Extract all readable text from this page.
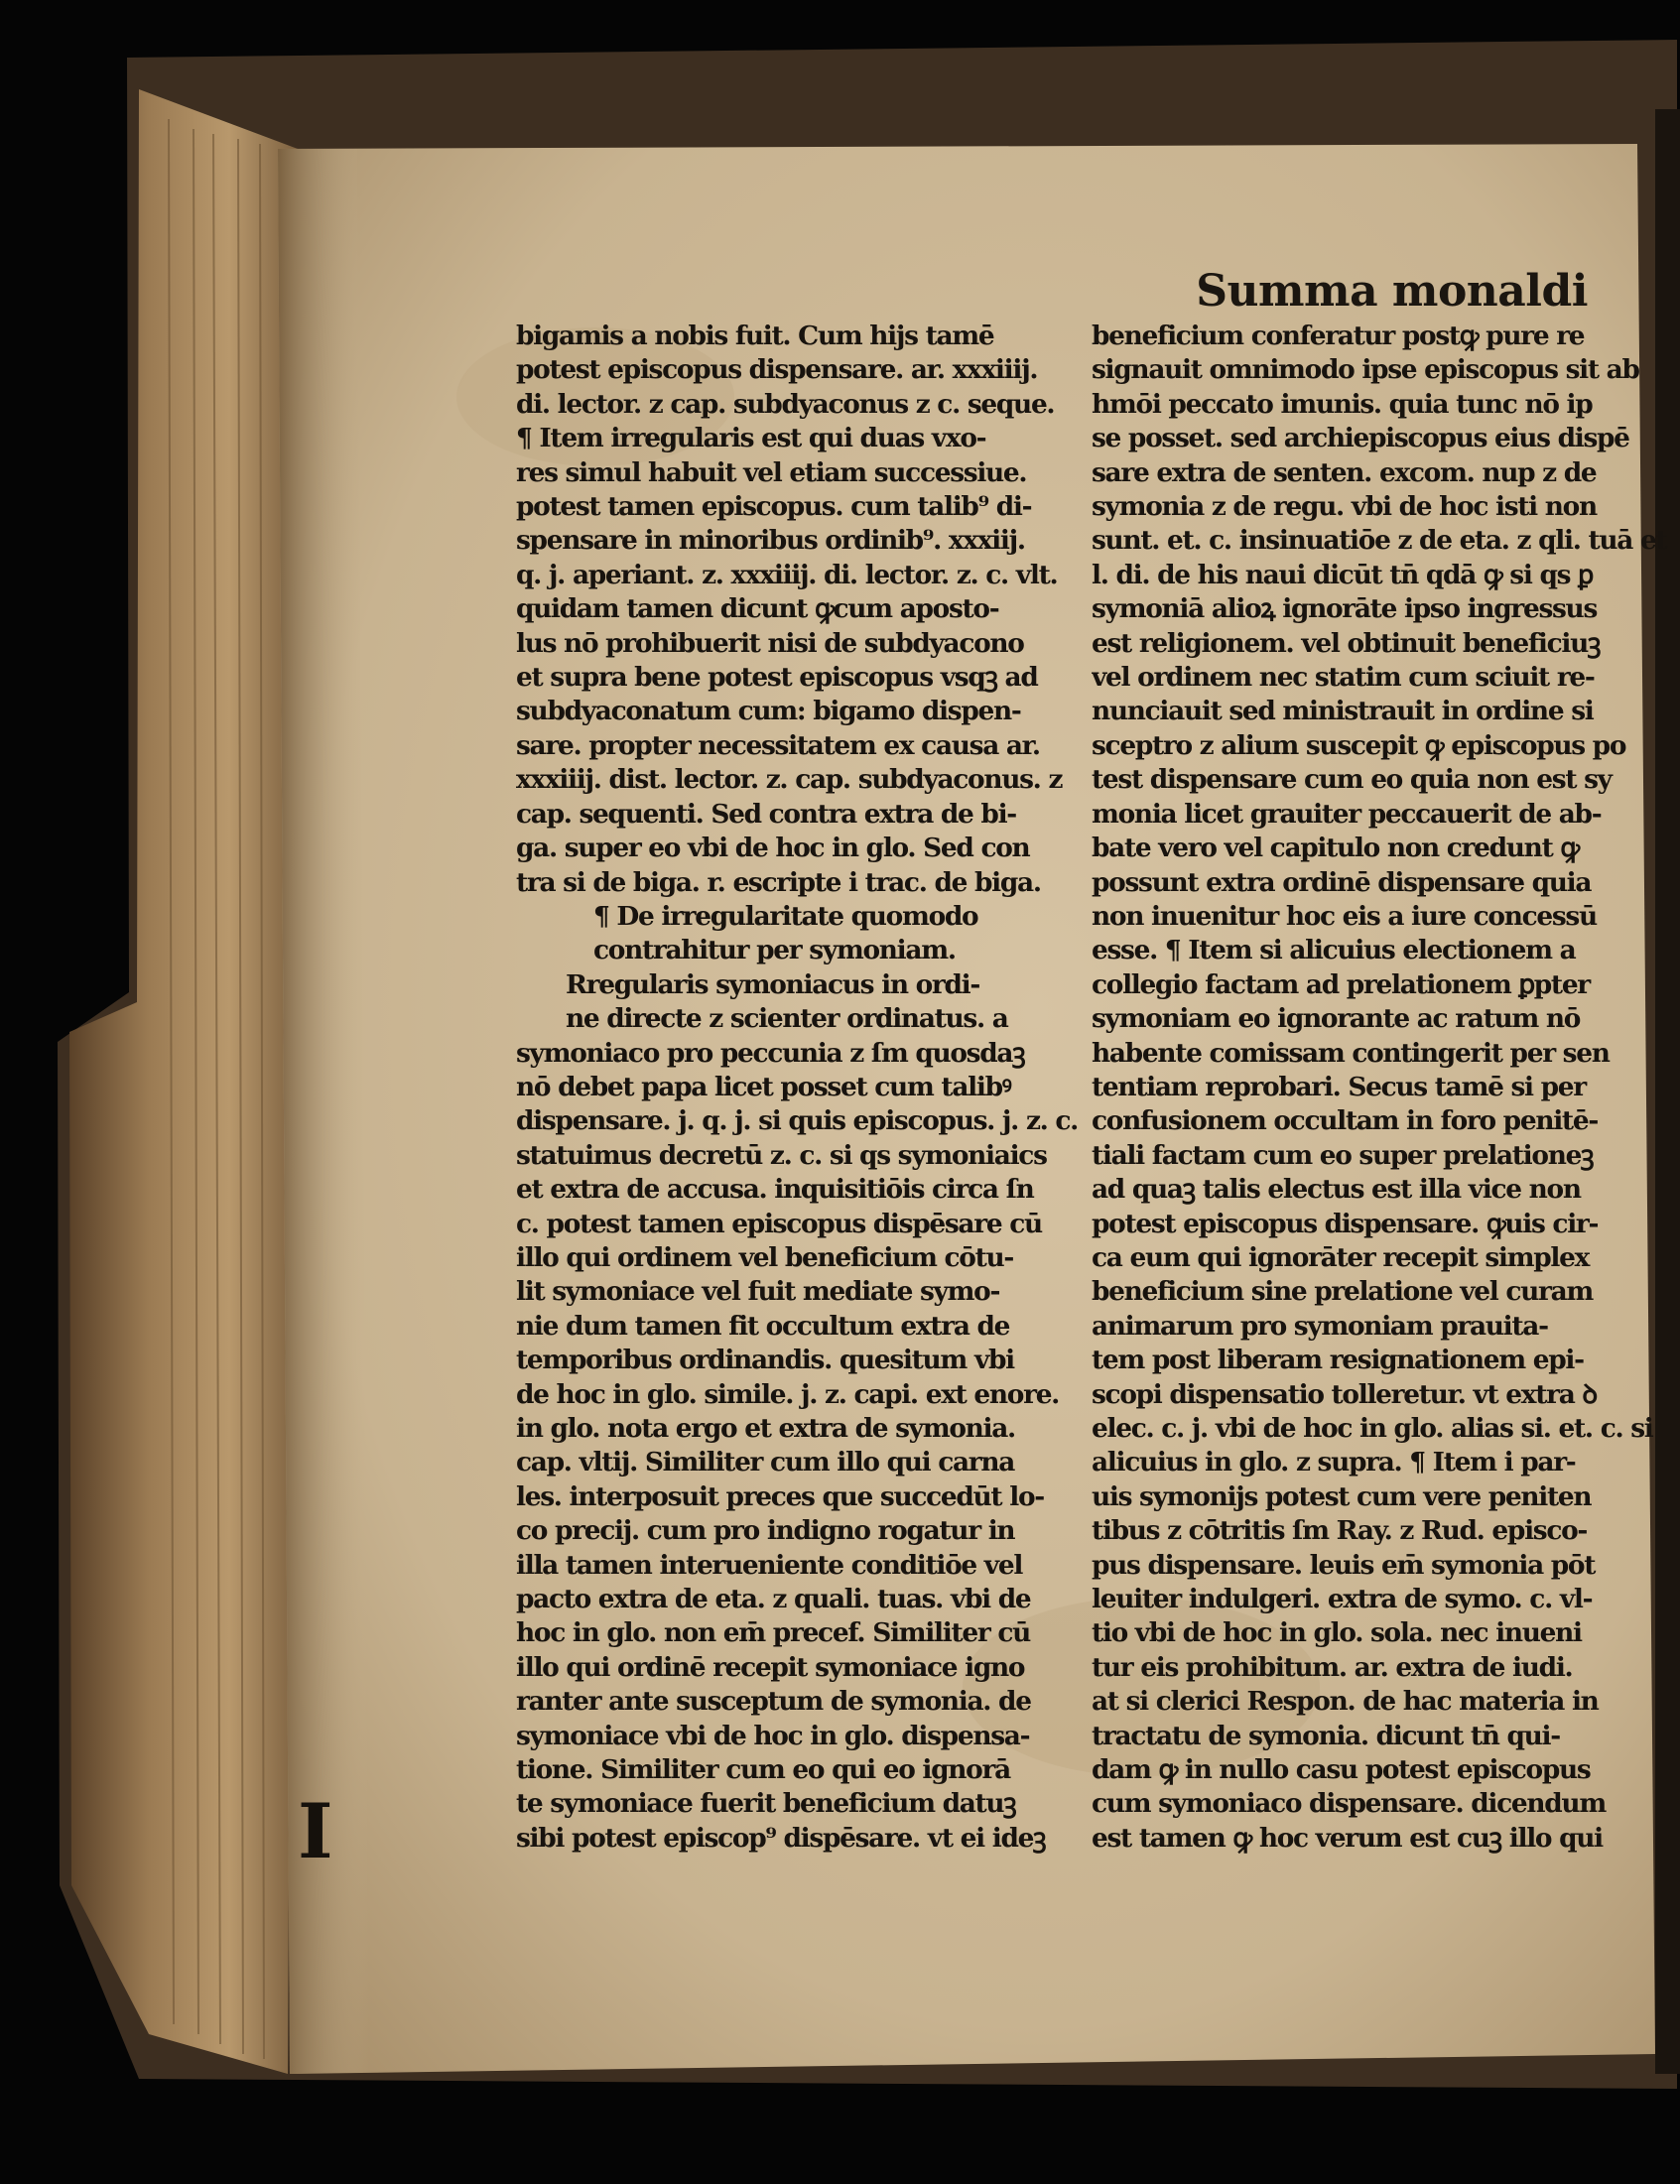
Summa monaldi
bigamis a nobis fuit. Cum hijs tamē
potest episcopus dispensare. ar. xxxiiij.
di. lector. z cap. subdyaconus z c. seque.
¶ Item irregularis est qui duas vxo-
res simul habuit vel etiam successiue.
potest tamen episcopus. cum talib⁹ di-
spensare in minoribus ordinib⁹. xxxiij.
q. j. aperiant. z. xxxiiij. di. lector. z. c. vlt.
quidam tamen dicunt ꝙcum aposto-
lus nō prohibuerit nisi de subdyacono
et supra bene potest episcopus vsqꝫ ad
subdyaconatum cum: bigamo dispen-
sare. propter necessitatem ex causa ar.
xxxiiij. dist. lector. z. cap. subdyaconus. z
cap. sequenti. Sed contra extra de bi-
ga. super eo vbi de hoc in glo. Sed con
tra si de biga. r. escripte i trac. de biga.
¶ De irregularitate quomodo
contrahitur per symoniam.
Rregularis symoniacus in ordi-
ne directe z scienter ordinatus. a
symoniaco pro peccunia z ſm quosdaꝫ
nō debet papa licet posset cum talibꝰ
dispensare. j. q. j. si quis episcopus. j. z. c.
statuimus decretū z. c. si qs symoniaics
et extra de accusa. inquisitiōis circa ſn
c. potest tamen episcopus dispēsare cū
illo qui ordinem vel beneficium cōtu-
lit symoniace vel fuit mediate symo-
nie dum tamen fit occultum extra de
temporibus ordinandis. quesitum vbi
de hoc in glo. simile. j. z. capi. ext enore.
in glo. nota ergo et extra de symonia.
cap. vltij. Similiter cum illo qui carna
les. interposuit preces que succedūt lo-
co precij. cum pro indigno rogatur in
illa tamen interueniente conditiōe vel
pacto extra de eta. z quali. tuas. vbi de
hoc in glo. non em̄ precef. Similiter cū
illo qui ordinē recepit symoniace igno
ranter ante susceptum de symonia. de
symoniace vbi de hoc in glo. dispensa-
tione. Similiter cum eo qui eo ignorā
te symoniace fuerit beneficium datuꝫ
sibi potest episcop⁹ dispēsare. vt ei ideꝫ
I
beneficium conferatur postꝙ pure re
signauit omnimodo ipse episcopus sit ab
hmōi peccato imunis. quia tunc nō ip
se posset. sed archiepiscopus eius dispē
sare extra de senten. excom. nup z de
symonia z de regu. vbi de hoc isti non
sunt. et. c. insinuatiōe z de eta. z qli. tuā et
l. di. de his naui dicūt tn̄ qdā ꝙ si qs ꝑ
symoniā alioꝝ ignorāte ipso ingressus
est religionem. vel obtinuit beneficiuꝫ
vel ordinem nec statim cum sciuit re-
nunciauit sed ministrauit in ordine si
sceptro z alium suscepit ꝙ episcopus po
test dispensare cum eo quia non est sy
monia licet grauiter peccauerit de ab-
bate vero vel capitulo non credunt ꝙ
possunt extra ordinē dispensare quia
non inuenitur hoc eis a iure concessū
esse. ¶ Item si alicuius electionem a
collegio factam ad prelationem ꝑpter
symoniam eo ignorante ac ratum nō
habente comissam contingerit per sen
tentiam reprobari. Secus tamē si per
confusionem occultam in foro penitē-
tiali factam cum eo super prelationeꝫ
ad quaꝫ talis electus est illa vice non
potest episcopus dispensare. ꝙuis cir-
ca eum qui ignorāter recepit simplex
beneficium sine prelatione vel curam
animarum pro symoniam prauita-
tem post liberam resignationem epi-
scopi dispensatio tolleretur. vt extra ꝺ
elec. c. j. vbi de hoc in glo. alias si. et. c. si
alicuius in glo. z supra. ¶ Item i par-
uis symonijs potest cum vere peniten
tibus z cōtritis ſm Ray. z Rud. episco-
pus dispensare. leuis em̄ symonia pōt
leuiter indulgeri. extra de symo. c. vl-
tio vbi de hoc in glo. sola. nec inueni
tur eis prohibitum. ar. extra de iudi.
at si clerici Respon. de hac materia in
tractatu de symonia. dicunt tn̄ qui-
dam ꝙ in nullo casu potest episcopus
cum symoniaco dispensare. dicendum
est tamen ꝙ hoc verum est cuꝫ illo qui
